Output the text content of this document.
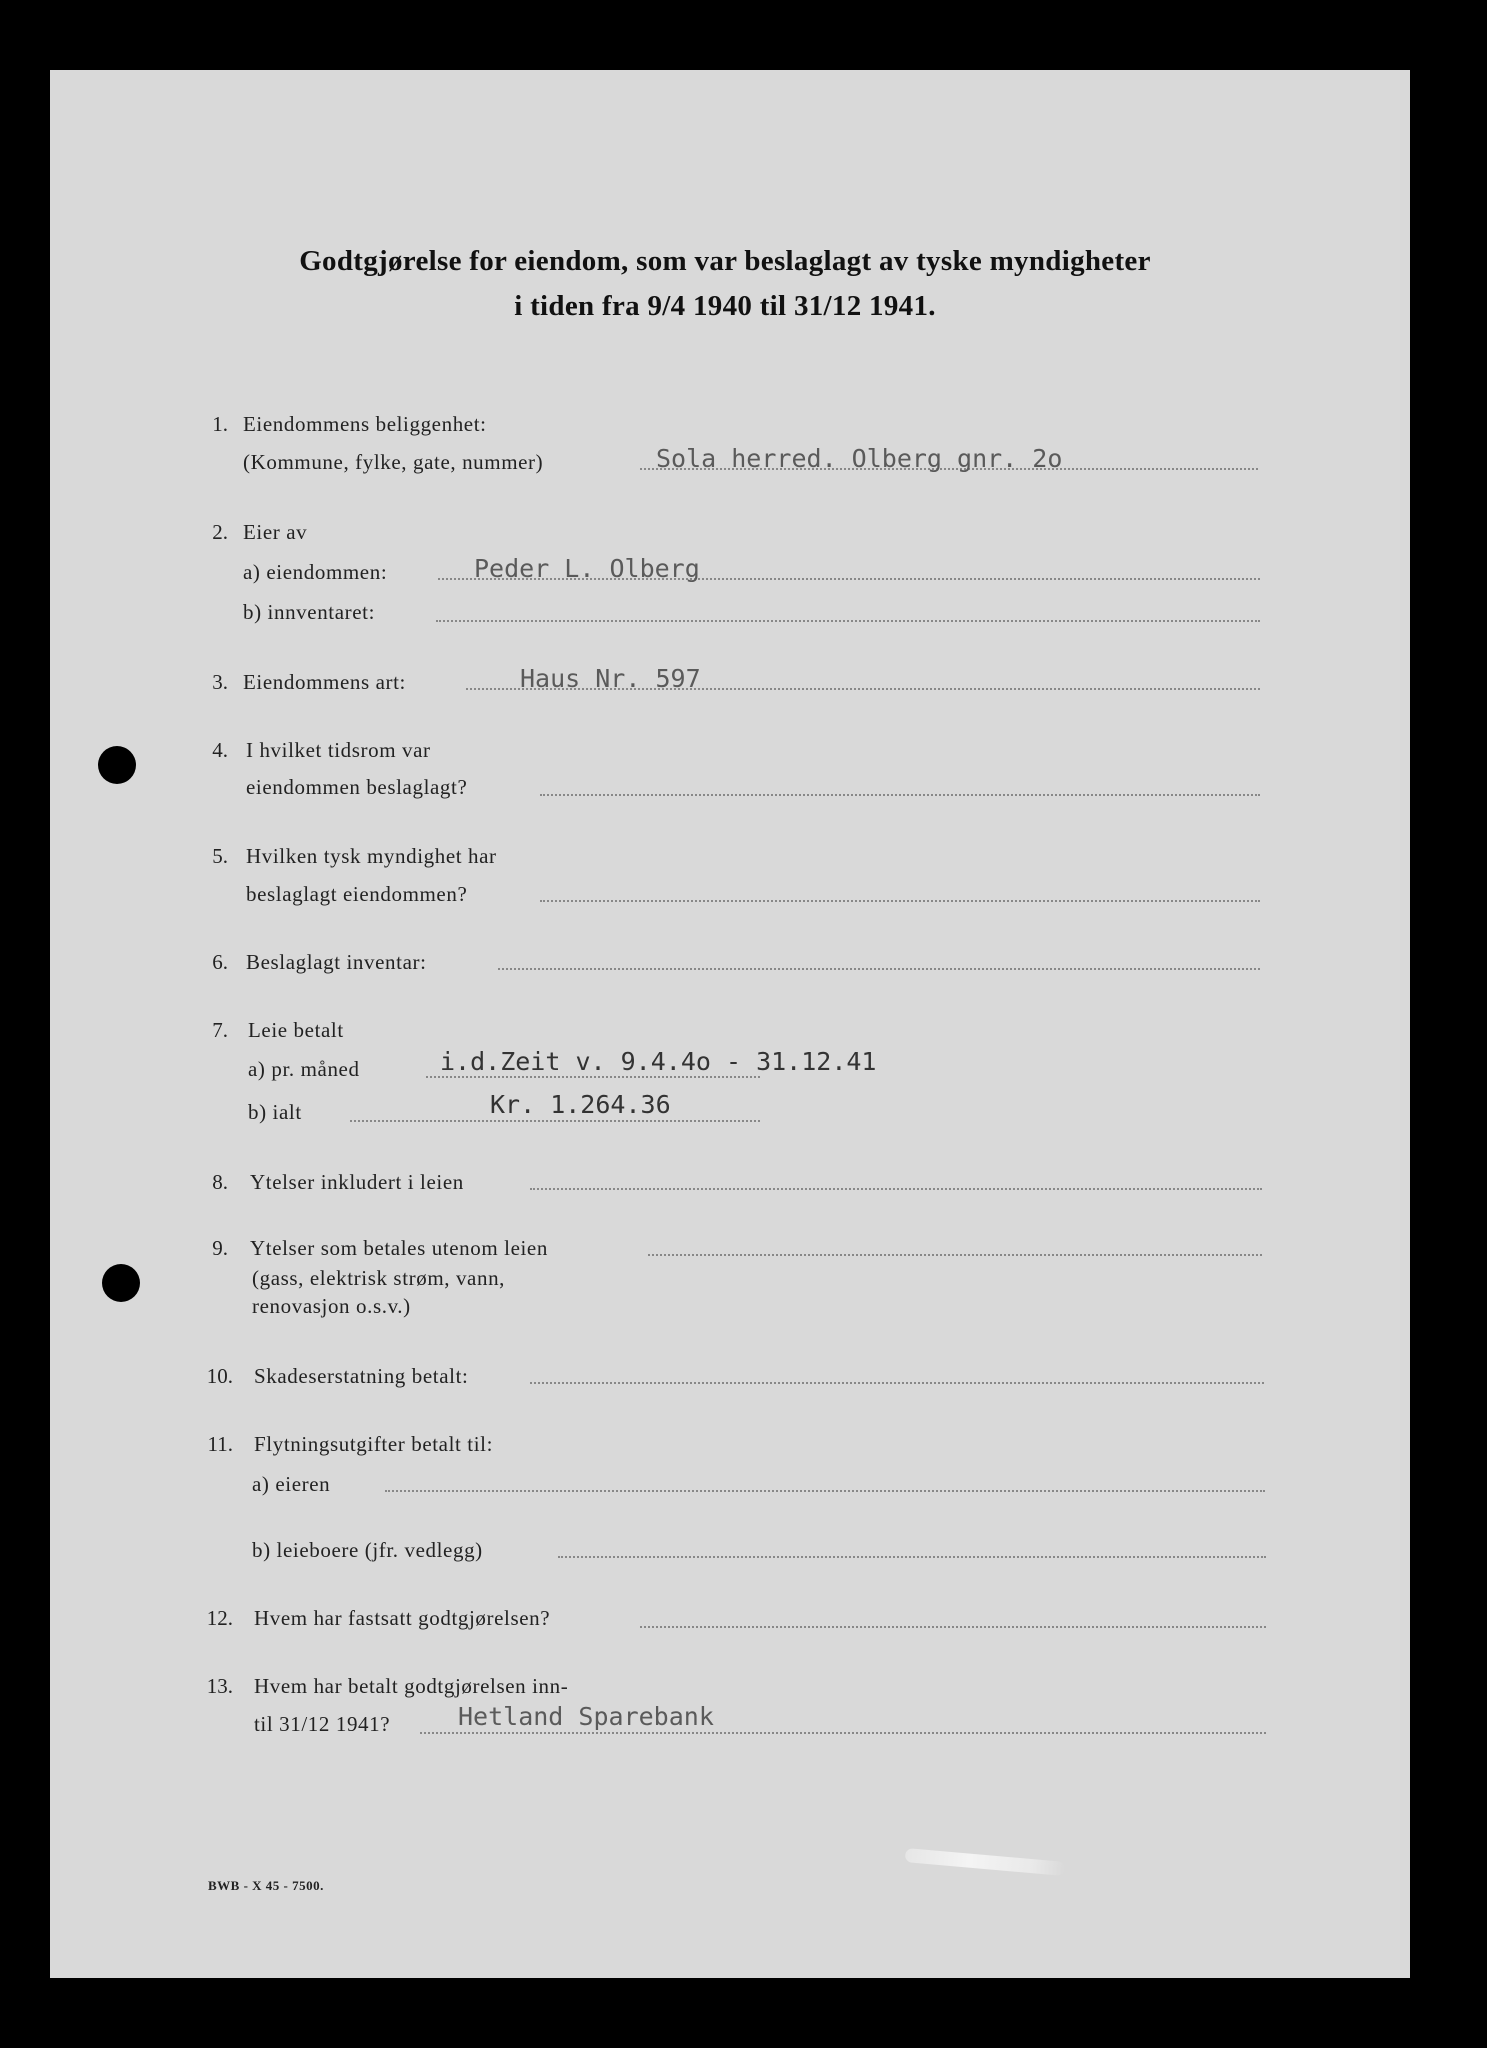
Godtgjørelse for eiendom, som var beslaglagt av tyske myndigheter
i tiden fra 9/4 1940 til 31/12 1941.
1. Eiendommens beliggenhet:
(Kommune, fylke, gate, nummer)	Sola herred. Olberg gnr. 2o
2. Eier av
a) eiendommen:	Peder L. Olberg
b) innventaret:
3. Eiendommens art:	Haus Nr. 597
4. I hvilket tidsrom var
eiendommen beslaglagt?
5. Hvilken tysk myndighet har
beslaglagt eiendommen?
6. Beslaglagt inventar:
7. Leie betalt
a) pr. måned	i.d.Zeit v. 9.4.4o - 31.12.41
b) ialt	Kr. 1.264.36
8. Ytelser inkludert i leien
9. Ytelser som betales utenom leien
(gass, elektrisk strøm, vann,
renovasjon o.s.v.)
10. Skadeserstatning betalt:
11. Flytningsutgifter betalt til:
a) eieren
b) leieboere (jfr. vedlegg)
12. Hvem har fastsatt godtgjørelsen?
13. Hvem har betalt godtgjørelsen inn-
til 31/12 1941?	Hetland Sparebank
BWB - X 45 - 7500.
